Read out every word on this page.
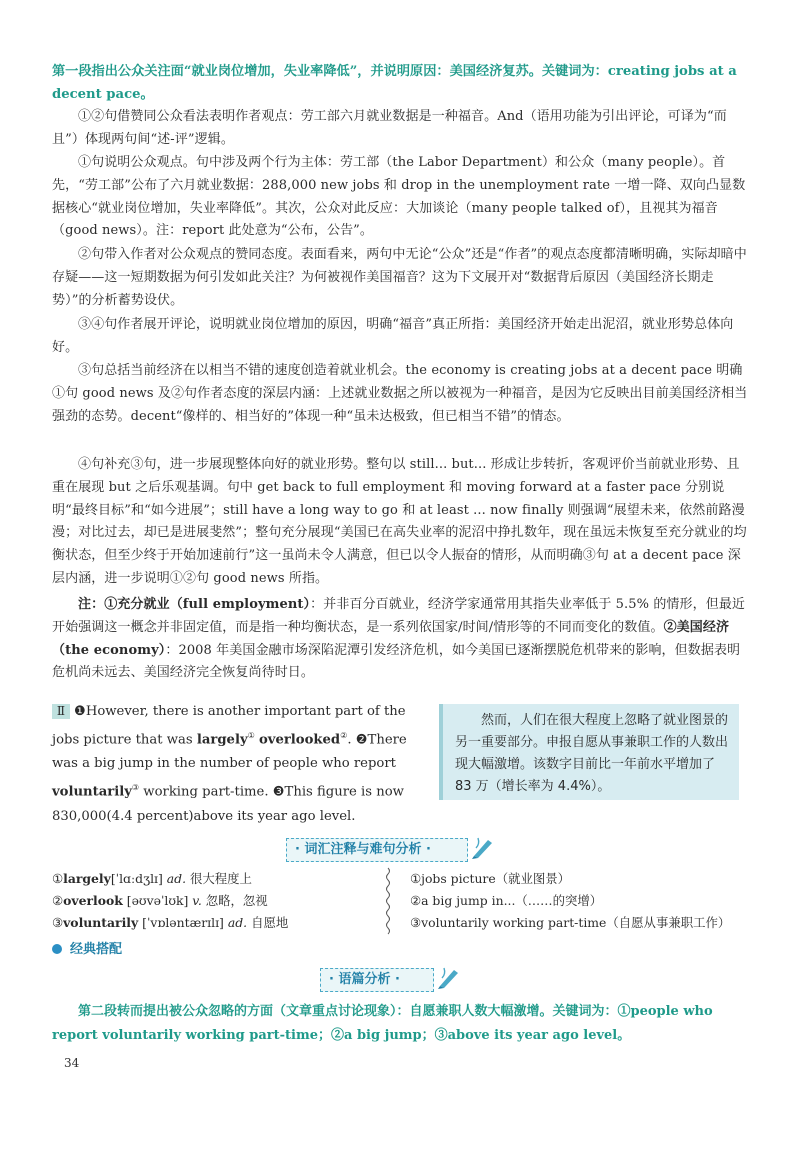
第一段指出公众关注面“就业岗位增加，失业率降低”，并说明原因：美国经济复苏。关键词为：creating jobs at a decent pace。
①②句借赞同公众看法表明作者观点：劳工部六月就业数据是一种福音。And（语用功能为引出评论，可译为“而且”）体现两句间“述-评”逻辑。
①句说明公众观点。句中涉及两个行为主体：劳工部（the Labor Department）和公众（many people）。首先，“劳工部”公布了六月就业数据：288,000 new jobs 和 drop in the unemployment rate 一增一降、双向凸显数据核心“就业岗位增加，失业率降低”。其次，公众对此反应：大加谈论（many people talked of），且视其为福音（good news）。注：report 此处意为“公布，公告”。
②句带入作者对公众观点的赞同态度。表面看来，两句中无论“公众”还是“作者”的观点态度都清晰明确，实际却暗中存疑——这一短期数据为何引发如此关注？为何被视作美国福音？这为下文展开对“数据背后原因（美国经济长期走势）”的分析蓄势设伏。
③④句作者展开评论，说明就业岗位增加的原因，明确“福音”真正所指：美国经济开始走出泥沼，就业形势总体向好。
③句总括当前经济在以相当不错的速度创造着就业机会。the economy is creating jobs at a decent pace 明确①句 good news 及②句作者态度的深层内涵：上述就业数据之所以被视为一种福音，是因为它反映出目前美国经济相当强劲的态势。decent“像样的、相当好的”体现一种“虽未达极致，但已相当不错”的情态。
④句补充③句，进一步展现整体向好的就业形势。整句以 still... but... 形成让步转折，客观评价当前就业形势、且重在展现 but 之后乐观基调。句中 get back to full employment 和 moving forward at a faster pace 分别说明“最终目标”和“如今进展”；still have a long way to go 和 at least ... now finally 则强调“展望未来，依然前路漫漫；对比过去，却已是进展斐然”；整句充分展现“美国已在高失业率的泥沼中挣扎数年，现在虽远未恢复至充分就业的均衡状态，但至少终于开始加速前行”这一虽尚未令人满意，但已以令人振奋的情形，从而明确③句 at a decent pace 深层内涵，进一步说明①②句 good news 所指。
注：①充分就业（full employment）：并非百分百就业，经济学家通常用其指失业率低于 5.5% 的情形，但最近开始强调这一概念并非固定值，而是指一种均衡状态，是一系列依国家/时间/情形等的不同而变化的数值。②美国经济（the economy）：2008 年美国金融市场深陷泥潭引发经济危机，如今美国已逐渐摆脱危机带来的影响，但数据表明危机尚未远去、美国经济完全恢复尚待时日。
Ⅱ ❶However, there is another important part of the jobs picture that was largely① overlooked②. ❷There was a big jump in the number of people who report voluntarily③ working part-time. ❸This figure is now 830,000(4.4 percent)above its year ago level.
然而，人们在很大程度上忽略了就业图景的另一重要部分。申报自愿从事兼职工作的人数出现大幅激增。该数字目前比一年前水平增加了 83 万（增长率为 4.4%）。
· 词汇注释与难句分析 ·
①largely[ˈlɑːdʒlɪ] ad. 很大程度上
②overlook [əʊvəˈlʊk] v. 忽略，忽视
③voluntarily [ˈvɒləntærɪlɪ] ad. 自愿地
①jobs picture（就业图景）
②a big jump in...（……的突增）
③voluntarily working part-time（自愿从事兼职工作）
经典搭配
· 语篇分析 ·
第二段转而提出被公众忽略的方面（文章重点讨论现象）：自愿兼职人数大幅激增。关键词为：①people who report voluntarily working part-time；②a big jump；③above its year ago level。
34
